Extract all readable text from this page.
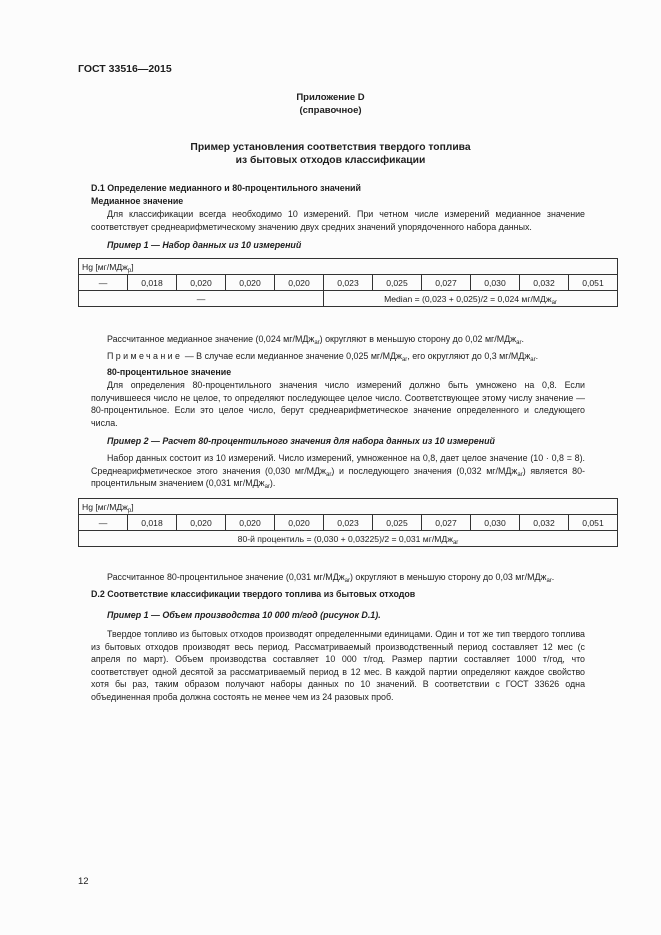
ГОСТ 33516—2015
Приложение D
(справочное)
Пример установления соответствия твердого топлива
из бытовых отходов классификации
D.1 Определение медианного и 80-процентильного значений
Медианное значение
Для классификации всегда необходимо 10 измерений. При четном числе измерений медианное значение соответствует среднеарифметическому значению двух средних значений упорядоченного набора данных.
Пример 1 — Набор данных из 10 измерений
Hg [мг/МДж$_р$]										
—	0,018	0,020	0,020	0,020	0,023	0,025	0,027	0,030	0,032	0,051
—					Median = (0,023 + 0,025)/2 = 0,024 мг/МДж$_{ar}$
Рассчитанное медианное значение (0,024 мг/МДж$_{ar}$) округляют в меньшую сторону до 0,02 мг/МДж$_{ar}$.
Примечание — В случае если медианное значение 0,025 мг/МДж$_{ar}$, его округляют до 0,3 мг/МДж$_{ar}$.
80-процентильное значение
Для определения 80-процентильного значения число измерений должно быть умножено на 0,8. Если получившееся число не целое, то определяют последующее целое число. Соответствующее этому числу значение — 80-процентильное. Если это целое число, берут среднеарифметическое значение определенного и следующего числа.
Пример 2 — Расчет 80-процентильного значения для набора данных из 10 измерений
Набор данных состоит из 10 измерений. Число измерений, умноженное на 0,8, дает целое значение (10 · 0,8 = 8). Среднеарифметическое этого значения (0,030 мг/МДж$_{ar}$) и последующего значения (0,032 мг/МДж$_{ar}$) является 80-процентильным значением (0,031 мг/МДж$_{ar}$).
Hg [мг/МДж$_р$]
—	0,018	0,020	0,020	0,020	0,023	0,025	0,027	0,030	0,032	0,051
80-й процентиль = (0,030 + 0,03225)/2 = 0,031 мг/МДж$_{ar}$
Рассчитанное 80-процентильное значение (0,031 мг/МДж$_{ar}$) округляют в меньшую сторону до 0,03 мг/МДж$_{ar}$.
D.2 Соответствие классификации твердого топлива из бытовых отходов
Пример 1 — Объем производства 10 000 т/год (рисунок D.1).
Твердое топливо из бытовых отходов производят определенными единицами. Один и тот же тип твердого топлива из бытовых отходов производят весь период. Рассматриваемый производственный период составляет 12 мес (с апреля по март). Объем производства составляет 10 000 т/год. Размер партии составляет 1000 т/год, что соответствует одной десятой за рассматриваемый период в 12 мес. В каждой партии определяют каждое свойство хотя бы раз, таким образом получают наборы данных по 10 значений. В соответствии с ГОСТ 33626 одна объединенная проба должна состоять не менее чем из 24 разовых проб.
12
